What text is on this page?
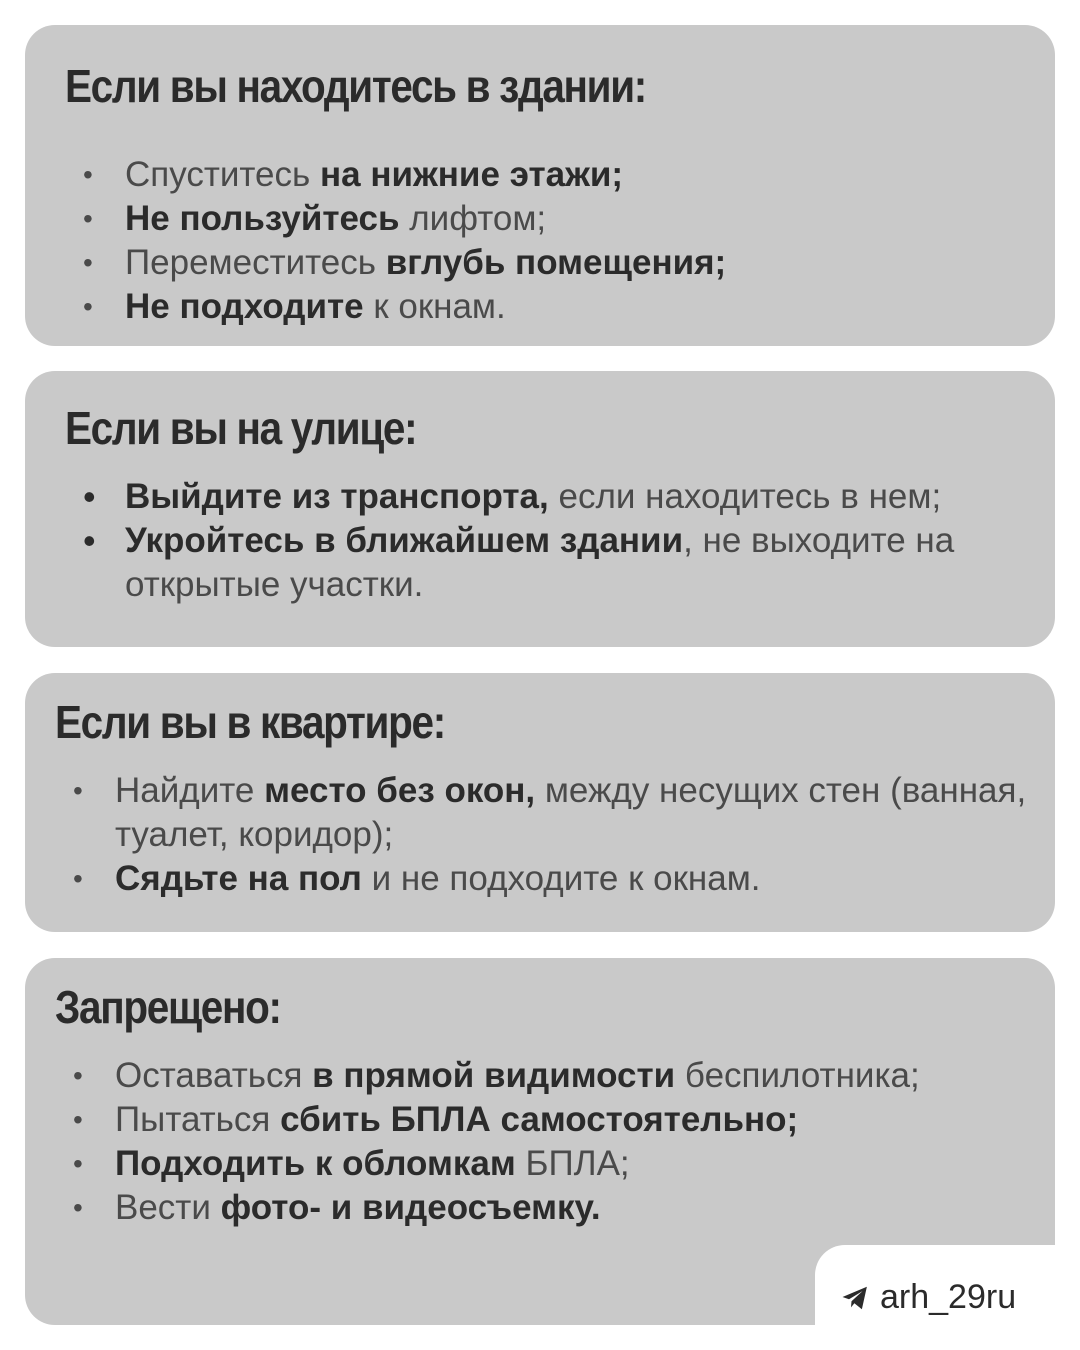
Если вы находитесь в здании:
• Спуститесь на нижние этажи;
• Не пользуйтесь лифтом;
• Переместитесь вглубь помещения;
• Не подходите к окнам.
Если вы на улице:
• Выйдите из транспорта, если находитесь в нем;
• Укройтесь в ближайшем здании, не выходите на открытые участки.
Если вы в квартире:
• Найдите место без окон, между несущих стен (ванная, туалет, коридор);
• Сядьте на пол и не подходите к окнам.
Запрещено:
• Оставаться в прямой видимости беспилотника;
• Пытаться сбить БПЛА самостоятельно;
• Подходить к обломкам БПЛА;
• Вести фото- и видеосъемку.
arh_29ru
